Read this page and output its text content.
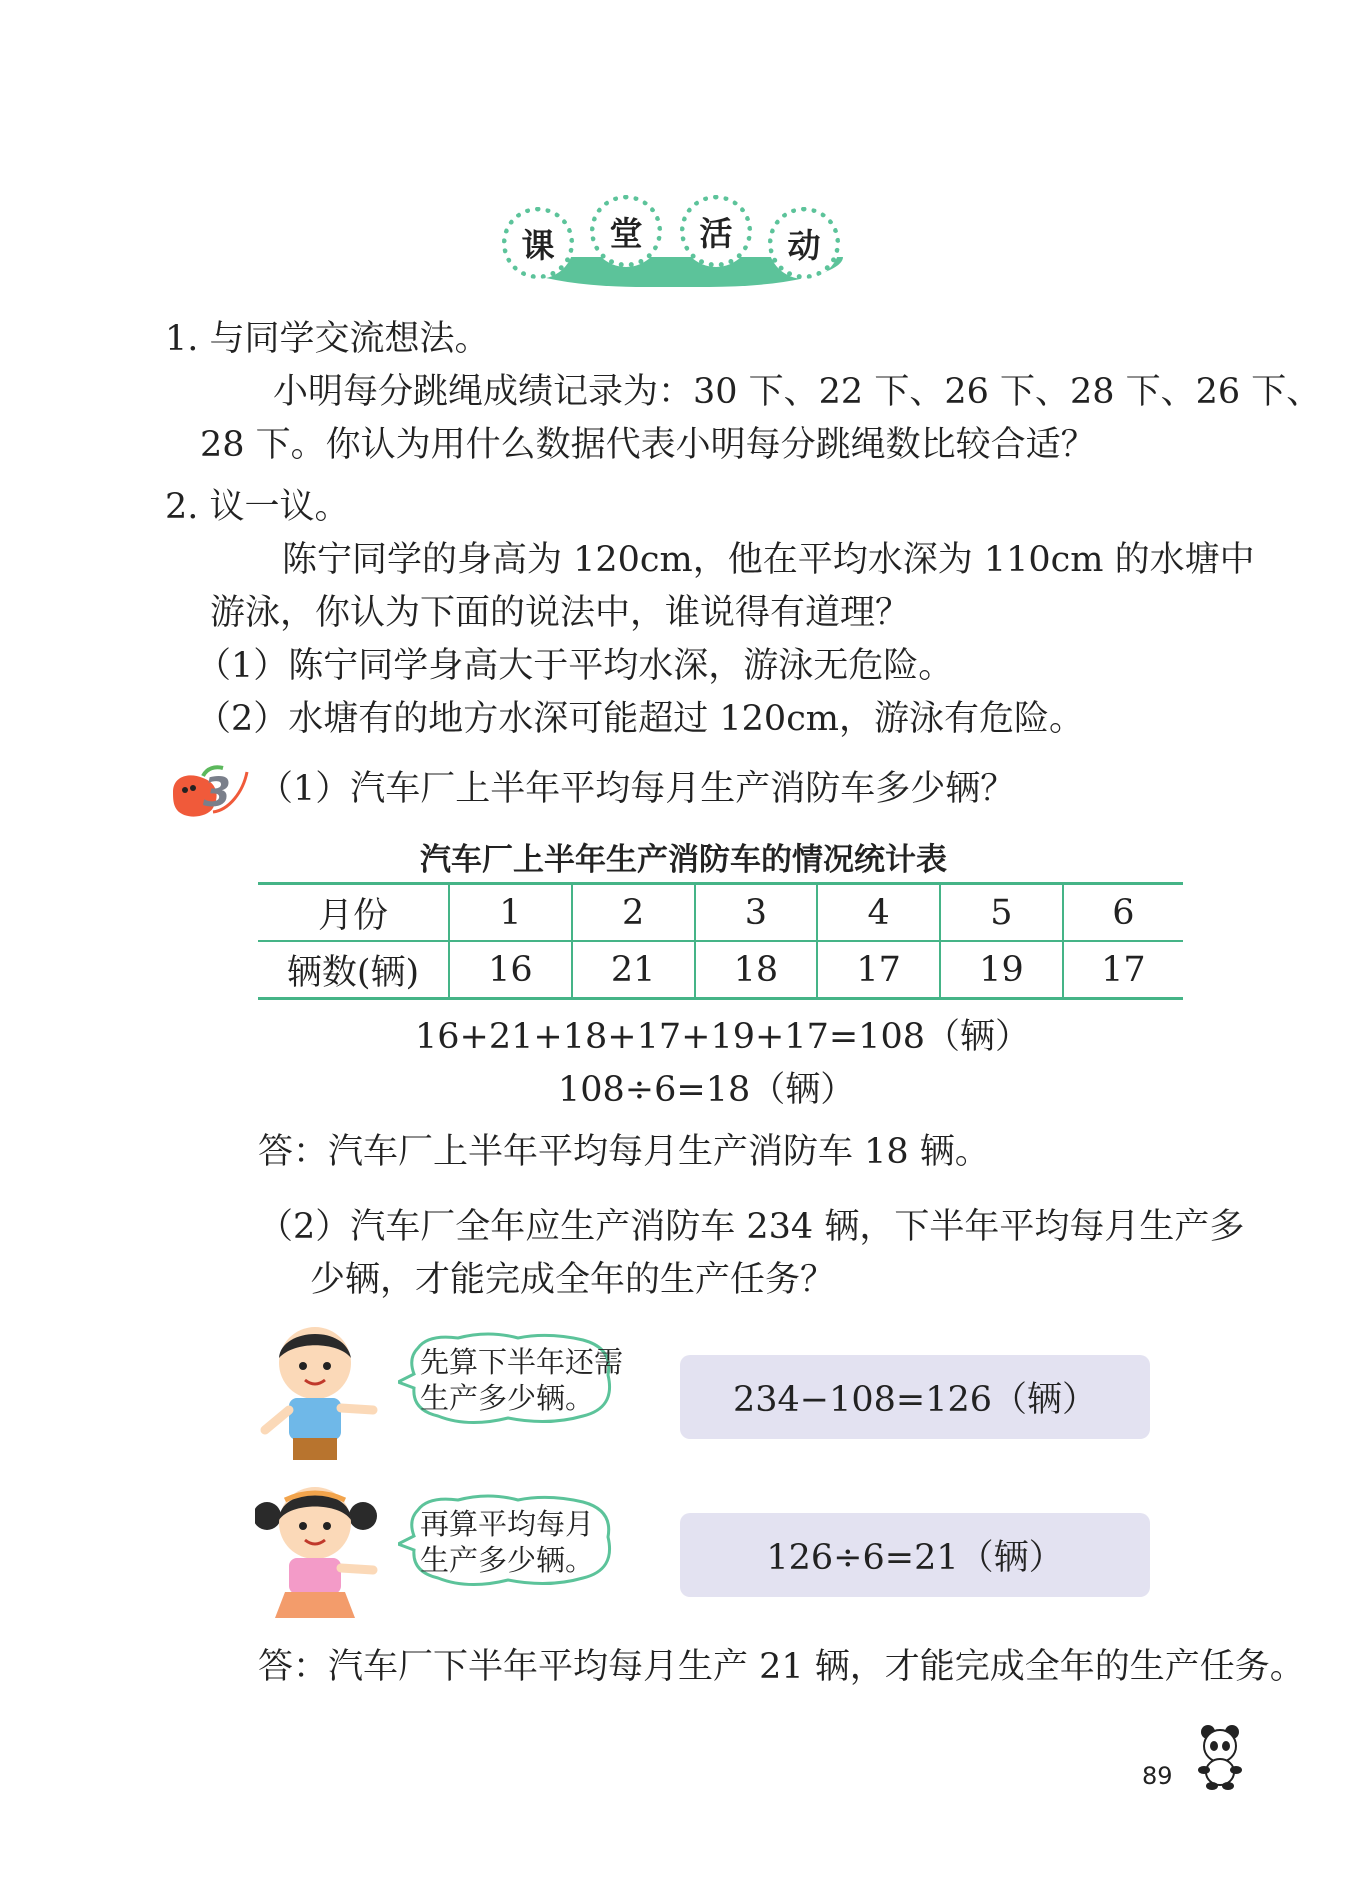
课	堂	活	动
1. 与同学交流想法。
小明每分跳绳成绩记录为：30 下、22 下、26 下、28 下、26 下、
28 下。你认为用什么数据代表小明每分跳绳数比较合适？
2. 议一议。
陈宁同学的身高为 120cm，他在平均水深为 110cm 的水塘中
游泳，你认为下面的说法中，谁说得有道理？
（1）陈宁同学身高大于平均水深，游泳无危险。
（2）水塘有的地方水深可能超过 120cm，游泳有危险。
3 （1）汽车厂上半年平均每月生产消防车多少辆？
汽车厂上半年生产消防车的情况统计表
月份	1	2	3	4	5	6
辆数(辆)	16	21	18	17	19	17
16+21+18+17+19+17=108（辆）
108÷6=18（辆）
答：汽车厂上半年平均每月生产消防车 18 辆。
（2）汽车厂全年应生产消防车 234 辆，下半年平均每月生产多
少辆，才能完成全年的生产任务？
先算下半年还需
生产多少辆。	234−108=126（辆）
再算平均每月
生产多少辆。	126÷6=21（辆）
答：汽车厂下半年平均每月生产 21 辆，才能完成全年的生产任务。
89
